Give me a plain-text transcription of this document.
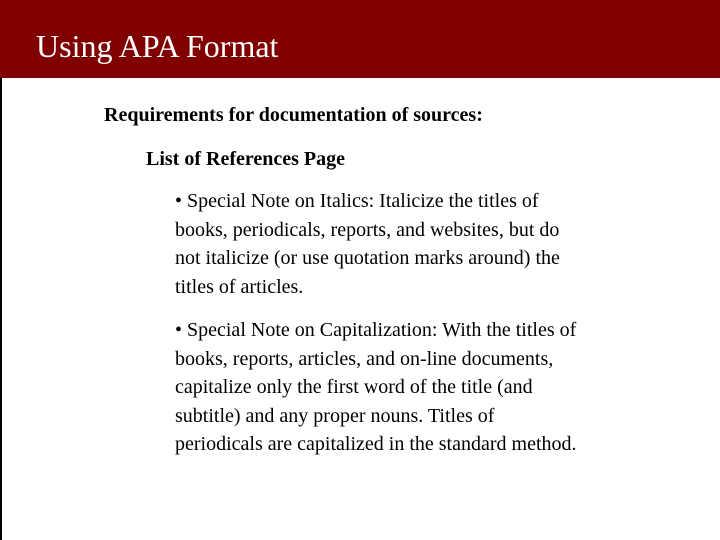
Using APA Format

Requirements for documentation of sources:

List of References Page

• Special Note on Italics: Italicize the titles of
books, periodicals, reports, and websites, but do
not italicize (or use quotation marks around) the
titles of articles.
• Special Note on Capitalization: With the titles of
books, reports, articles, and on-line documents,
capitalize only the first word of the title (and
subtitle) and any proper nouns. Titles of
periodicals are capitalized in the standard method.
